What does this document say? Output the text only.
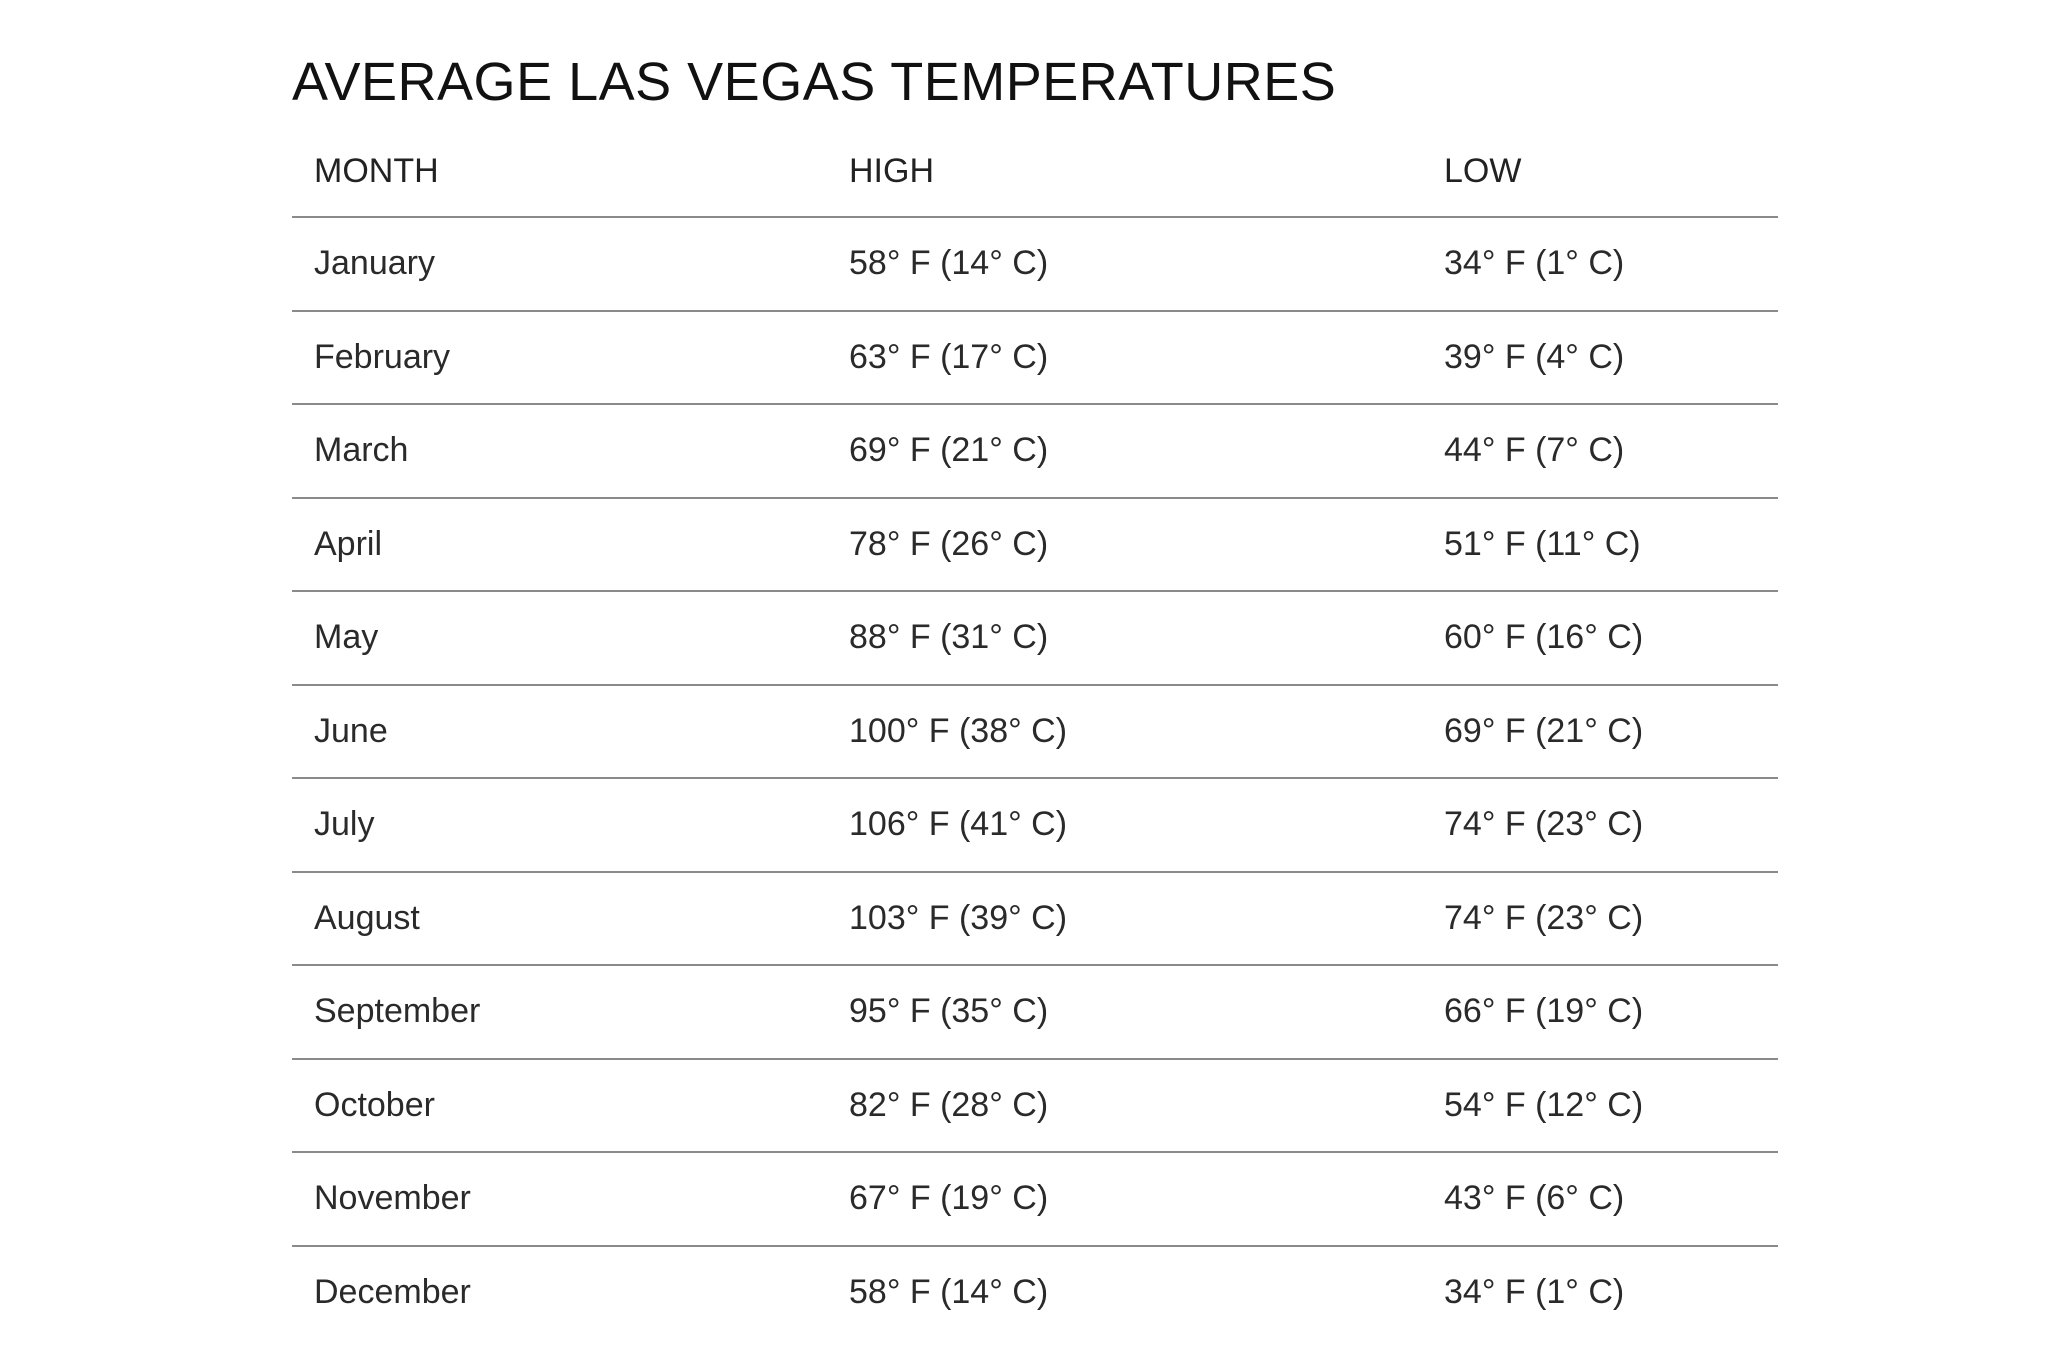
AVERAGE LAS VEGAS TEMPERATURES
MONTH	HIGH	LOW
January	58° F (14° C)	34° F (1° C)
February	63° F (17° C)	39° F (4° C)
March	69° F (21° C)	44° F (7° C)
April	78° F (26° C)	51° F (11° C)
May	88° F (31° C)	60° F (16° C)
June	100° F (38° C)	69° F (21° C)
July	106° F (41° C)	74° F (23° C)
August	103° F (39° C)	74° F (23° C)
September	95° F (35° C)	66° F (19° C)
October	82° F (28° C)	54° F (12° C)
November	67° F (19° C)	43° F (6° C)
December	58° F (14° C)	34° F (1° C)
